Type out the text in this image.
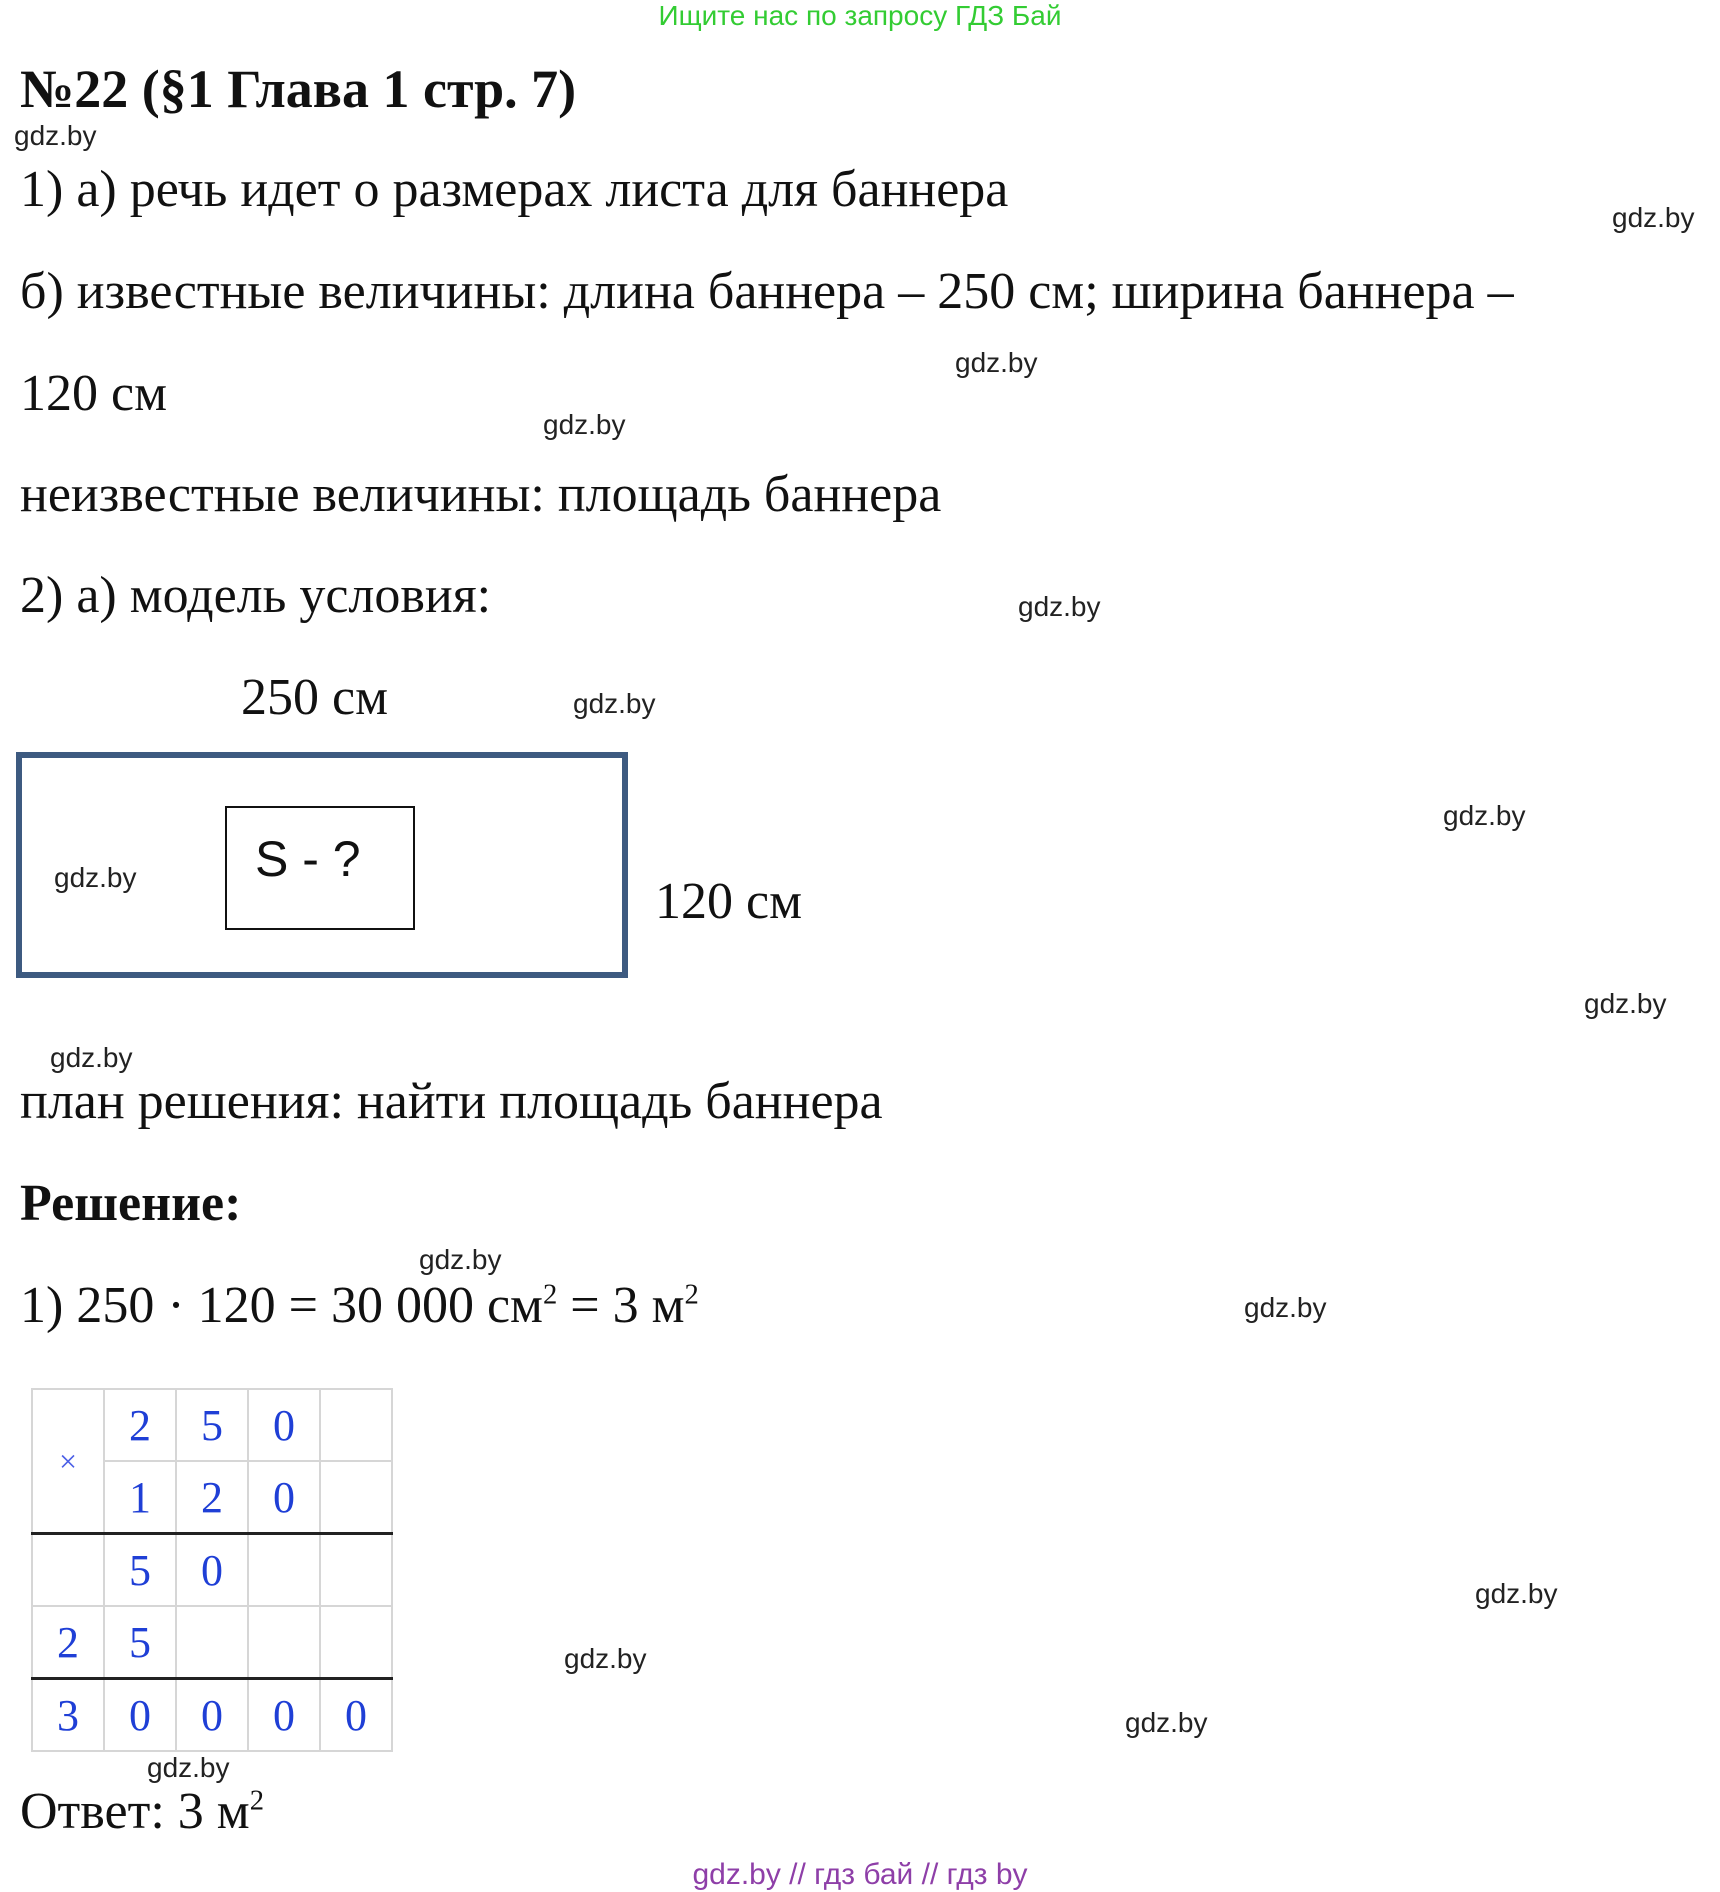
Ищите нас по запросу ГДЗ Бай
№22 (§1 Глава 1 стр. 7)
gdz.by
gdz.by
gdz.by
gdz.by
gdz.by
gdz.by
gdz.by
gdz.by
gdz.by
gdz.by
gdz.by
gdz.by
gdz.by
gdz.by
gdz.by
1) а) речь идет о размерах листа для баннера
б) известные величины: длина баннера – 250 см; ширина баннера –
120 см
неизвестные величины: площадь баннера
2) а) модель условия:
250 см
gdz.by S - ?
120 см
план решения: найти площадь баннера
Решение:
1) 250 · 120 = 30 000 $см^2 = 3$ $м^2$
×	2	5	0	
	1	2	0	
	5	0		
2	5			
3	0	0	0	0
Ответ: 3 $м^2$
gdz.by // гдз бай // гдз by
